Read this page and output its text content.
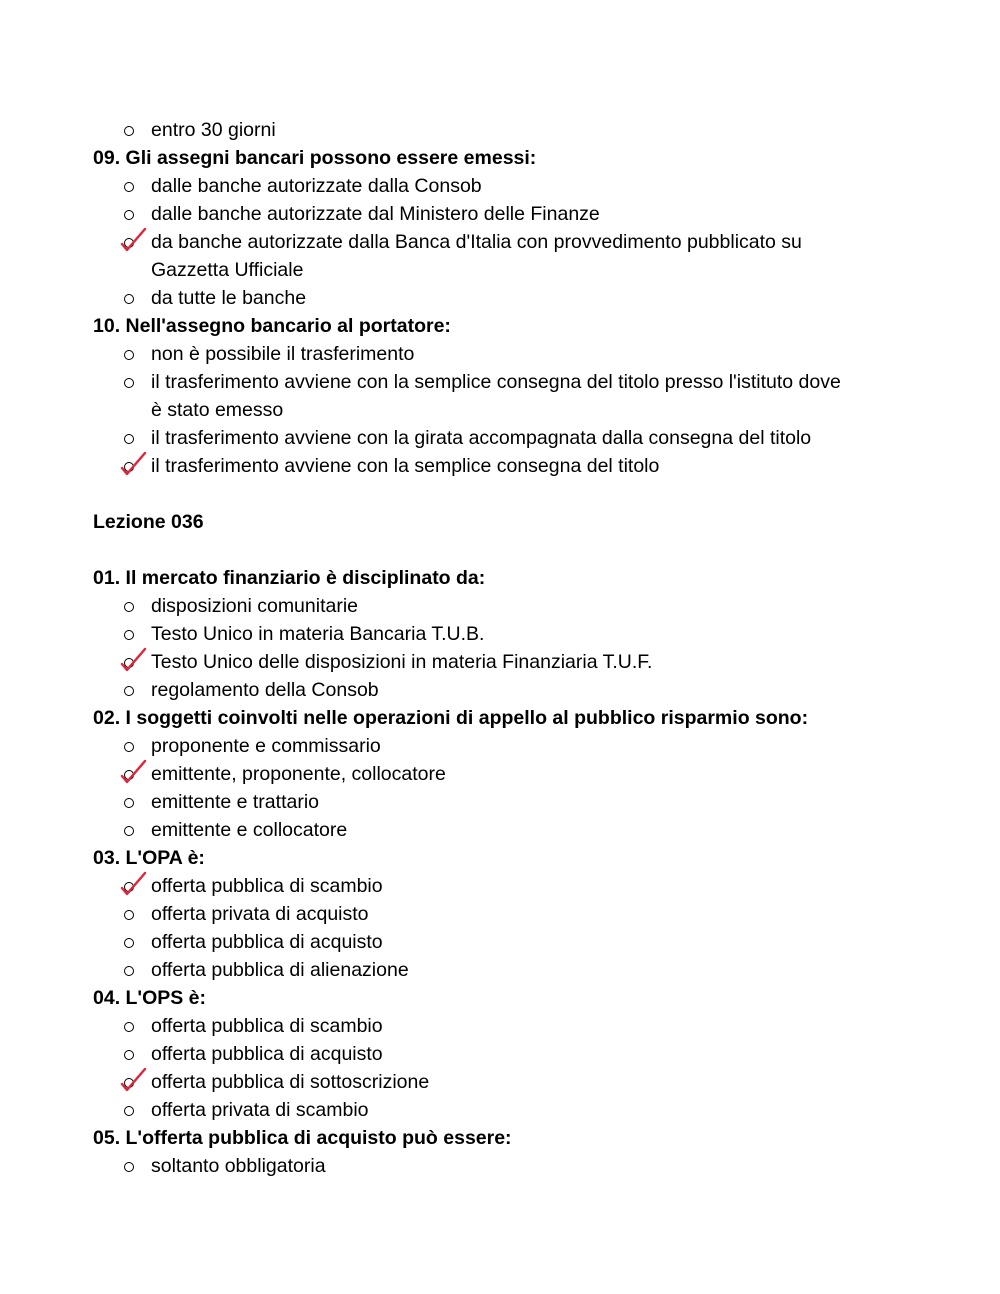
entro 30 giorni
09. Gli assegni bancari possono essere emessi:
dalle banche autorizzate dalla Consob
dalle banche autorizzate dal Ministero delle Finanze
da banche autorizzate dalla Banca d'Italia con provvedimento pubblicato su
Gazzetta Ufficiale
da tutte le banche
10. Nell'assegno bancario al portatore:
non è possibile il trasferimento
il trasferimento avviene con la semplice consegna del titolo presso l'istituto dove
è stato emesso
il trasferimento avviene con la girata accompagnata dalla consegna del titolo
il trasferimento avviene con la semplice consegna del titolo
Lezione 036
01. Il mercato finanziario è disciplinato da:
disposizioni comunitarie
Testo Unico in materia Bancaria T.U.B.
Testo Unico delle disposizioni in materia Finanziaria T.U.F.
regolamento della Consob
02. I soggetti coinvolti nelle operazioni di appello al pubblico risparmio sono:
proponente e commissario
emittente, proponente, collocatore
emittente e trattario
emittente e collocatore
03. L'OPA è:
offerta pubblica di scambio
offerta privata di acquisto
offerta pubblica di acquisto
offerta pubblica di alienazione
04. L'OPS è:
offerta pubblica di scambio
offerta pubblica di acquisto
offerta pubblica di sottoscrizione
offerta privata di scambio
05. L'offerta pubblica di acquisto può essere:
soltanto obbligatoria
